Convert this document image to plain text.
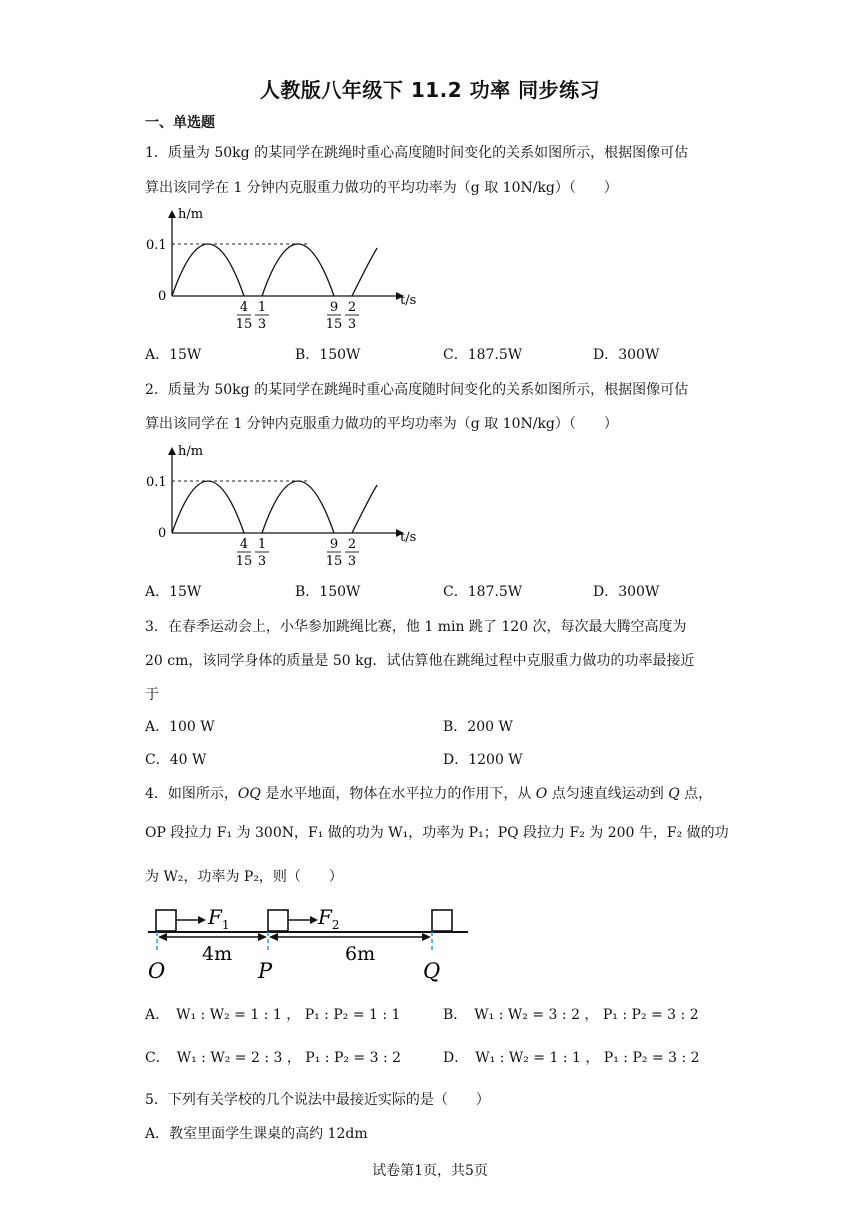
人教版八年级下 11.2 功率 同步练习
一、单选题
1．质量为 50kg 的某同学在跳绳时重心高度随时间变化的关系如图所示，根据图像可估
算出该同学在 1 分钟内克服重力做功的平均功率为（g 取 10N/kg）（　　）
h/m
t/s
0.1
0
4
15
1
3
9
15
2
3
A．15W	B．150W	C．187.5W	D．300W
2．质量为 50kg 的某同学在跳绳时重心高度随时间变化的关系如图所示，根据图像可估
算出该同学在 1 分钟内克服重力做功的平均功率为（g 取 10N/kg）（　　）
h/m
t/s
0.1
0
4
15
1
3
9
15
2
3
A．15W	B．150W	C．187.5W	D．300W
3．在春季运动会上，小华参加跳绳比赛，他 1 min 跳了 120 次，每次最大腾空高度为
20 cm，该同学身体的质量是 50 kg．试估算他在跳绳过程中克服重力做功的功率最接近
于
A．100 W	B．200 W
C．40 W	D．1200 W
4．如图所示，OQ 是水平地面，物体在水平拉力的作用下，从 O 点匀速直线运动到 Q 点，
OP 段拉力 F₁ 为 300N，F₁ 做的功为 W₁，功率为 P₁；PQ 段拉力 F₂ 为 200 牛，F₂ 做的功
为 W₂，功率为 P₂，则（　　）
$F_1$	$F_2$
4m	6m
O	P	Q
A．　W₁ : W₂ = 1 : 1 ， P₁ : P₂ = 1 : 1	B．　W₁ : W₂ = 3 : 2 ， P₁ : P₂ = 3 : 2
C．　W₁ : W₂ = 2 : 3 ， P₁ : P₂ = 3 : 2	D．　W₁ : W₂ = 1 : 1 ， P₁ : P₂ = 3 : 2
5．下列有关学校的几个说法中最接近实际的是（　　）
A．教室里面学生课桌的高约 12dm
试卷第1页，共5页
